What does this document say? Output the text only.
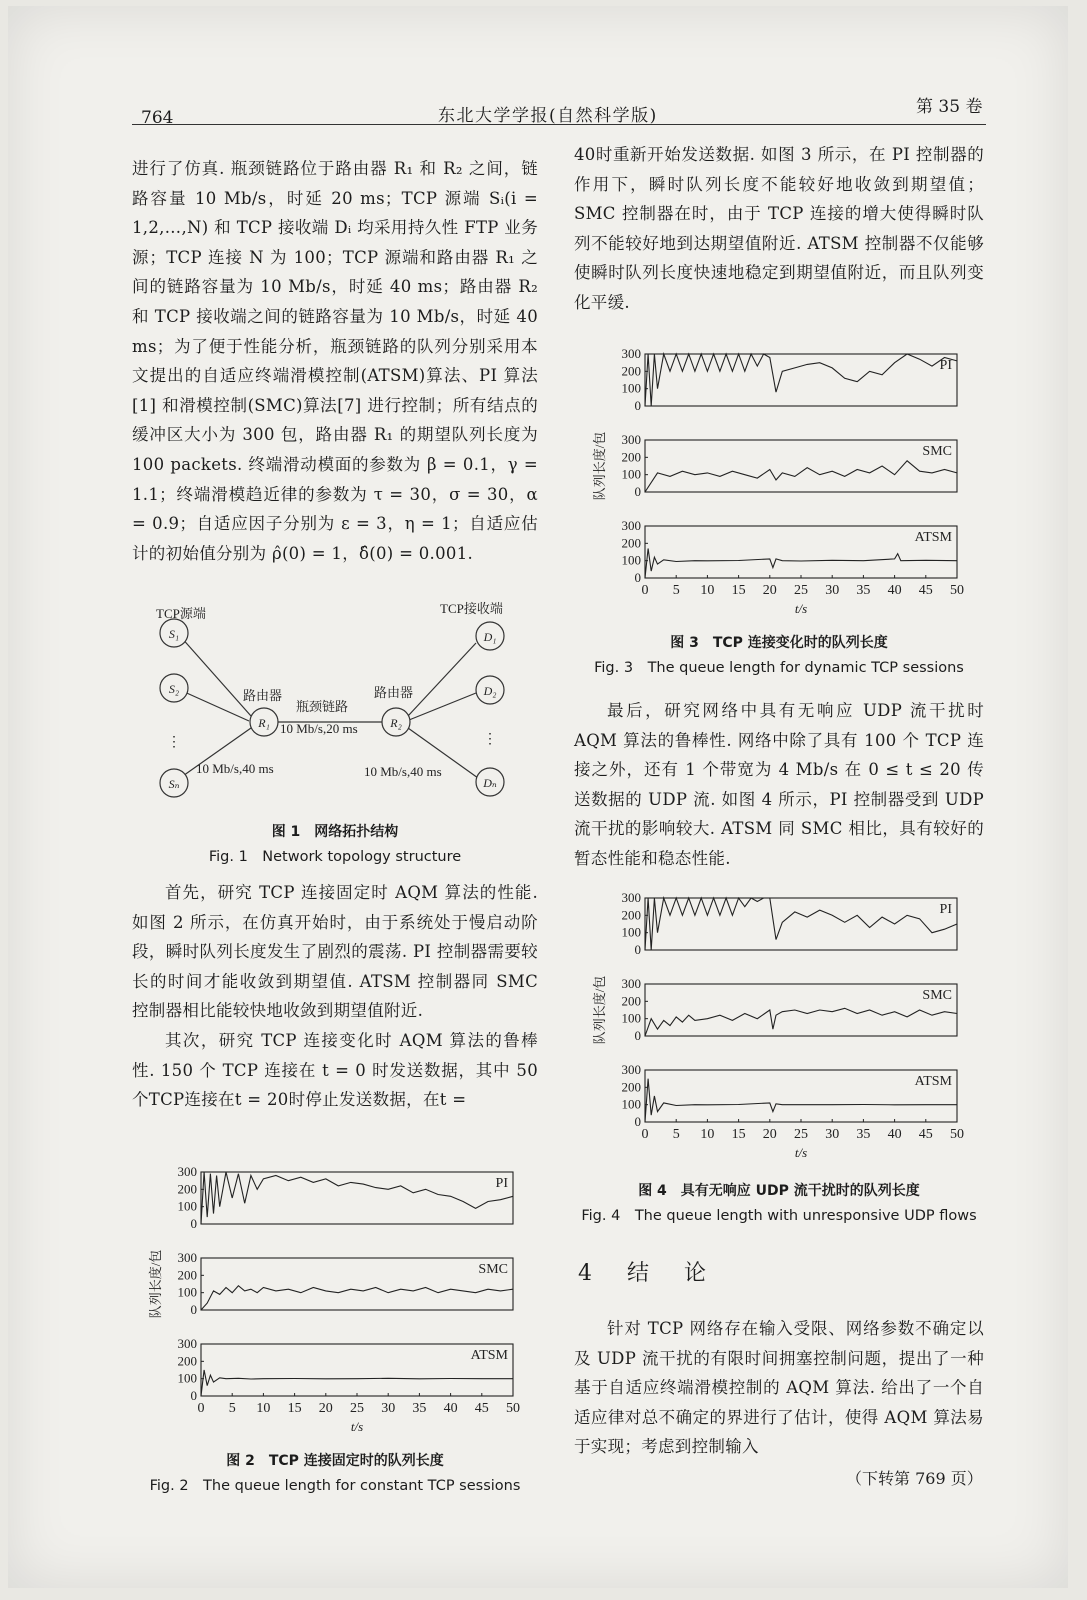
764	东北大学学报(自然科学版)	第 35 卷

进行了仿真. 瓶颈链路位于路由器 R₁ 和 R₂ 之间，链路容量 10 Mb/s，时延 20 ms；TCP 源端 Sᵢ(i = 1,2,…,N) 和 TCP 接收端 Dᵢ 均采用持久性 FTP 业务源；TCP 连接 N 为 100；TCP 源端和路由器 R₁ 之间的链路容量为 10 Mb/s，时延 40 ms；路由器 R₂ 和 TCP 接收端之间的链路容量为 10 Mb/s，时延 40 ms；为了便于性能分析，瓶颈链路的队列分别采用本文提出的自适应终端滑模控制(ATSM)算法、PI 算法[1] 和滑模控制(SMC)算法[7] 进行控制；所有结点的缓冲区大小为 300 包，路由器 R₁ 的期望队列长度为 100 packets. 终端滑动模面的参数为 β = 0.1，γ = 1.1；终端滑模趋近律的参数为 τ = 30，σ = 30，α = 0.9；自适应因子分别为 ε = 3，η = 1；自适应估计的初始值分别为 ρ̂(0) = 1，δ̂(0) = 0.001.

S₁
S₂
Sₙ
R₁	R₂
D₁
D₂
Dₙ
⋮	⋮
TCP源端	TCP接收端
路由器	路由器
瓶颈链路
10 Mb/s,20 ms
10 Mb/s,40 ms	10 Mb/s,40 ms
图 1　网络拓扑结构
Fig. 1　Network topology structure

首先，研究 TCP 连接固定时 AQM 算法的性能. 如图 2 所示，在仿真开始时，由于系统处于慢启动阶段，瞬时队列长度发生了剧烈的震荡. PI 控制器需要较长的时间才能收敛到期望值. ATSM 控制器同 SMC 控制器相比能较快地收敛到期望值附近.

其次，研究 TCP 连接变化时 AQM 算法的鲁棒性. 150 个 TCP 连接在 t = 0 时发送数据，其中 50个TCP连接在t = 20时停止发送数据，在t =

300
200
100
0
PI
300
200
100
0
SMC
300
200
100
0
ATSM
0 5 10 15 20 25 30 35 40 45 50
t/s
队列长度/包
图 2　TCP 连接固定时的队列长度
Fig. 2　The queue length for constant TCP sessions

40时重新开始发送数据. 如图 3 所示，在 PI 控制器的作用下，瞬时队列长度不能较好地收敛到期望值；SMC 控制器在时，由于 TCP 连接的增大使得瞬时队列不能较好地到达期望值附近. ATSM 控制器不仅能够使瞬时队列长度快速地稳定到期望值附近，而且队列变化平缓.

300
200
100
0
PI
300
200
100
0
SMC
300
200
100
0
ATSM
0 5 10 15 20 25 30 35 40 45 50
t/s
队列长度/包
图 3　TCP 连接变化时的队列长度
Fig. 3　The queue length for dynamic TCP sessions

最后，研究网络中具有无响应 UDP 流干扰时 AQM 算法的鲁棒性. 网络中除了具有 100 个 TCP 连接之外，还有 1 个带宽为 4 Mb/s 在 0 ≤ t ≤ 20 传送数据的 UDP 流. 如图 4 所示，PI 控制器受到 UDP 流干扰的影响较大. ATSM 同 SMC 相比，具有较好的暂态性能和稳态性能.

300
200
100
0
PI
300
200
100
0
SMC
300
200
100
0
ATSM
0 5 10 15 20 25 30 35 40 45 50
t/s
队列长度/包
图 4　具有无响应 UDP 流干扰时的队列长度
Fig. 4　The queue length with unresponsive UDP flows
4 结 论

针对 TCP 网络存在输入受限、网络参数不确定以及 UDP 流干扰的有限时间拥塞控制问题，提出了一种基于自适应终端滑模控制的 AQM 算法. 给出了一个自适应律对总不确定的界进行了估计，使得 AQM 算法易于实现；考虑到控制输入

（下转第 769 页）
